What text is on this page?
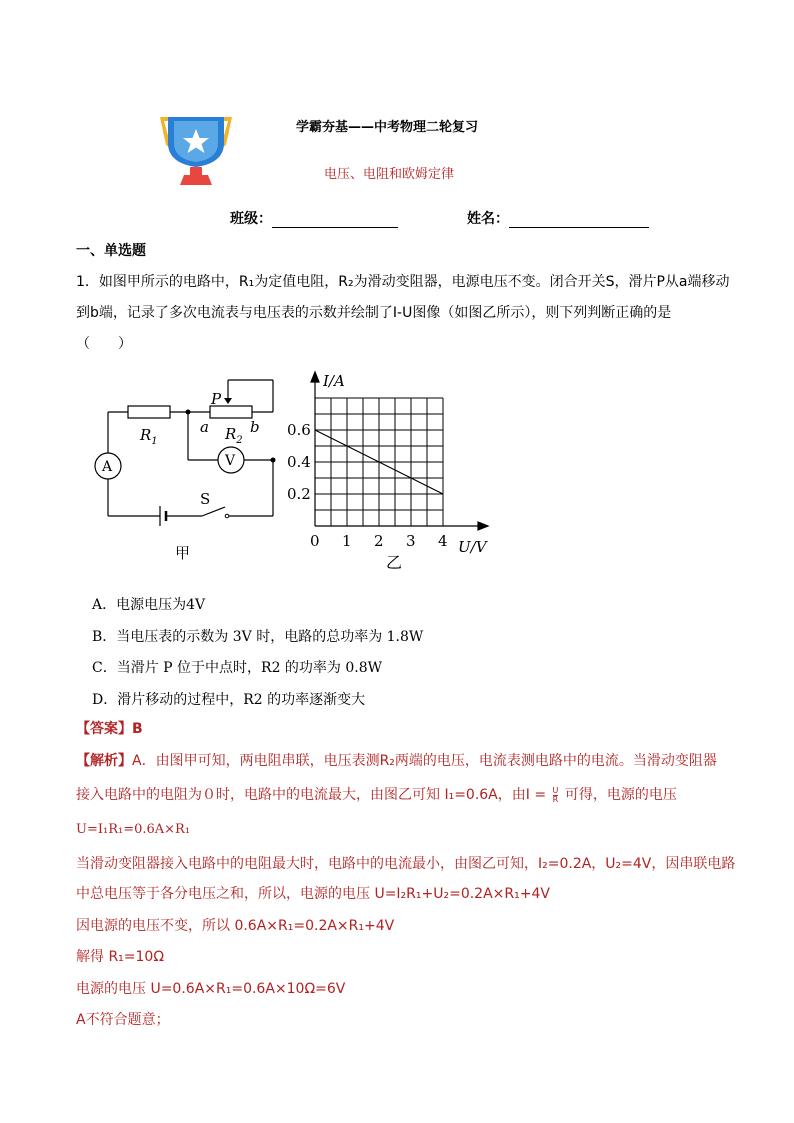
学霸夯基——中考物理二轮复习
电压、电阻和欧姆定律
班级：	姓名：
一、单选题
1．如图甲所示的电路中，R₁为定值电阻，R₂为滑动变阻器，电源电压不变。闭合开关S，滑片P从a端移动
到b端，记录了多次电流表与电压表的示数并绘制了I-U图像（如图乙所示），则下列判断正确的是
（　　）
P
$R_1$
a $R_2$
b
A	V
S
甲
0 1 2 3 4
0.2
0.4
0.6
I/A
U/V
乙
A．电源电压为4V
B．当电压表的示数为 3V 时，电路的总功率为 1.8W
C．当滑片 P 位于中点时，R2 的功率为 0.8W
D．滑片移动的过程中，R2 的功率逐渐变大
【答案】B
【解析】A．由图甲可知，两电阻串联，电压表测R₂两端的电压，电流表测电路中的电流。当滑动变阻器
接入电路中的电阻为０时，电路中的电流最大，由图乙可知 I₁=0.6A，由$I = \frac{U}{R}$ 可得，电源的电压
U=I₁R₁=0.6A×R₁
当滑动变阻器接入电路中的电阻最大时，电路中的电流最小，由图乙可知，I₂=0.2A，U₂=4V，因串联电路
中总电压等于各分电压之和，所以，电源的电压 U=I₂R₁+U₂=0.2A×R₁+4V
因电源的电压不变，所以 0.6A×R₁=0.2A×R₁+4V
解得 R₁=10Ω
电源的电压 U=0.6A×R₁=0.6A×10Ω=6V
A不符合题意；
